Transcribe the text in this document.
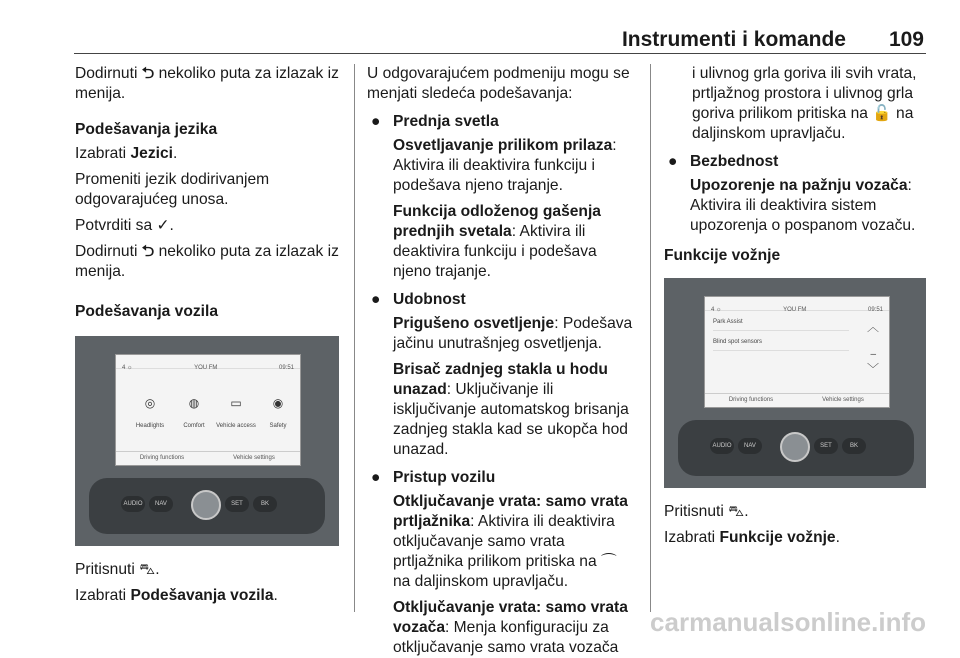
Instrumenti i komande 109

Dodirnuti ⮌ nekoliko puta za izlazak iz menija.

Podešavanja jezika

Izabrati Jezici.

Promeniti jezik dodirivanjem odgovarajućeg unosa.

Potvrditi sa ✓.

Dodirnuti ⮌ nekoliko puta za izlazak iz menija.

Podešavanja vozila
4 ☼	YOU FM	09:51
◎
Headlights
◍
Comfort
▭
Vehicle access
◉
Safety
Driving functions	Vehicle settings
AUDIO	NAV	SET	BK

Pritisnuti ⛍.

Izabrati Podešavanja vozila.

U odgovarajućem podmeniju mogu se menjati sledeća podešavanja:

● Prednja svetla

Osvetljavanje prilikom prilaza: Aktivira ili deaktivira funkciju i podešava njeno trajanje.

Funkcija odloženog gašenja prednjih svetala: Aktivira ili deaktivira funkciju i podešava njeno trajanje.

● Udobnost

Prigušeno osvetljenje: Podešava jačinu unutrašnjeg osvetljenja.

Brisač zadnjeg stakla u hodu unazad: Uključivanje ili isključivanje automatskog brisanja zadnjeg stakla kad se ukopča hod unazad.

● Pristup vozilu

Otključavanje vrata: samo vrata prtljažnika: Aktivira ili deaktivira otključavanje samo vrata prtljažnika prilikom pritiska na ⌒ na daljinskom upravljaču.

Otključavanje vrata: samo vrata vozača: Menja konfiguraciju za otključavanje samo vrata vozača

i ulivnog grla goriva ili svih vrata, prtljažnog prostora i ulivnog grla goriva prilikom pritiska na 🔓 na daljinskom upravljaču.

● Bezbednost

Upozorenje na pažnju vozača: Aktivira ili deaktivira sistem upozorenja o pospanom vozaču.

Funkcije vožnje
4 ☼	YOU FM	09:51
Park Assist
Blind spot sensors
︿
–
﹀
Driving functions	Vehicle settings
AUDIO	NAV	SET	BK

Pritisnuti ⛍.

Izabrati Funkcije vožnje.

carmanualsonline.info
